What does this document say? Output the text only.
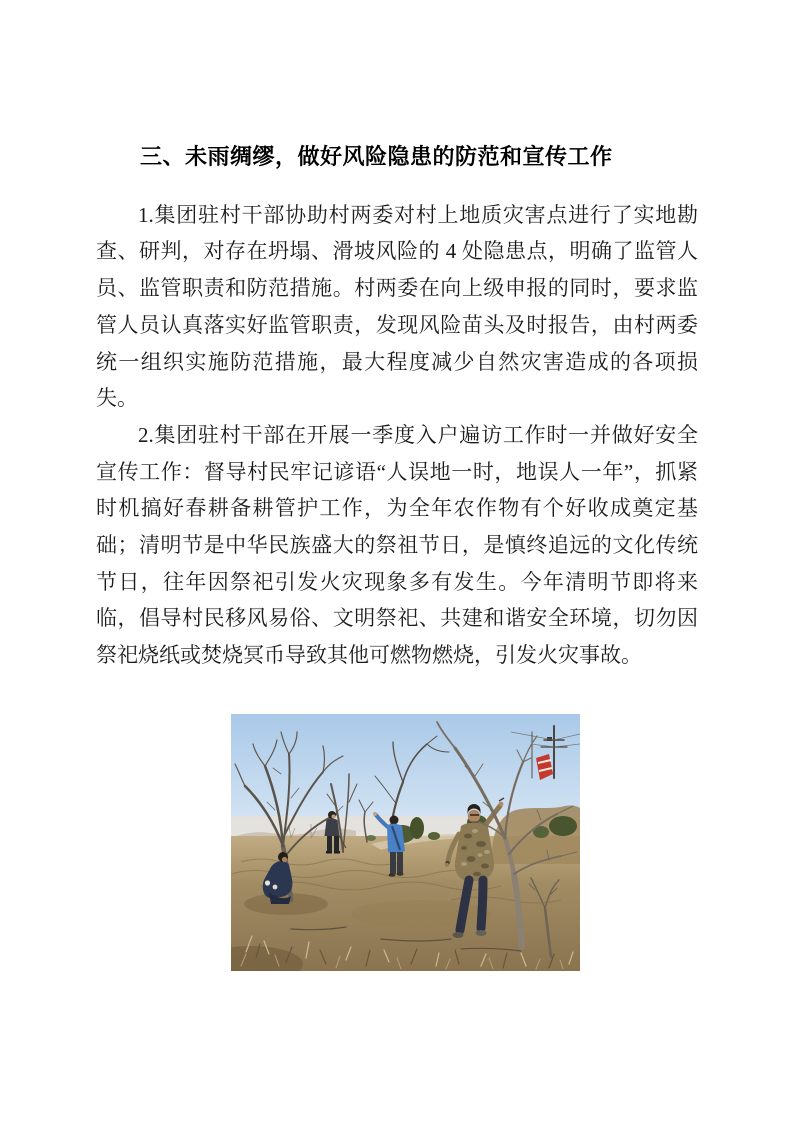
三、未雨绸缪，做好风险隐患的防范和宣传工作

1.集团驻村干部协助村两委对村上地质灾害点进行了实地勘查、研判，对存在坍塌、滑坡风险的 4 处隐患点，明确了监管人员、监管职责和防范措施。村两委在向上级申报的同时，要求监管人员认真落实好监管职责，发现风险苗头及时报告，由村两委统一组织实施防范措施，最大程度减少自然灾害造成的各项损失。

2.集团驻村干部在开展一季度入户遍访工作时一并做好安全宣传工作：督导村民牢记谚语“人误地一时，地误人一年”，抓紧时机搞好春耕备耕管护工作，为全年农作物有个好收成奠定基础；清明节是中华民族盛大的祭祖节日，是慎终追远的文化传统节日，往年因祭祀引发火灾现象多有发生。今年清明节即将来临，倡导村民移风易俗、文明祭祀、共建和谐安全环境，切勿因祭祀烧纸或焚烧冥币导致其他可燃物燃烧，引发火灾事故。
